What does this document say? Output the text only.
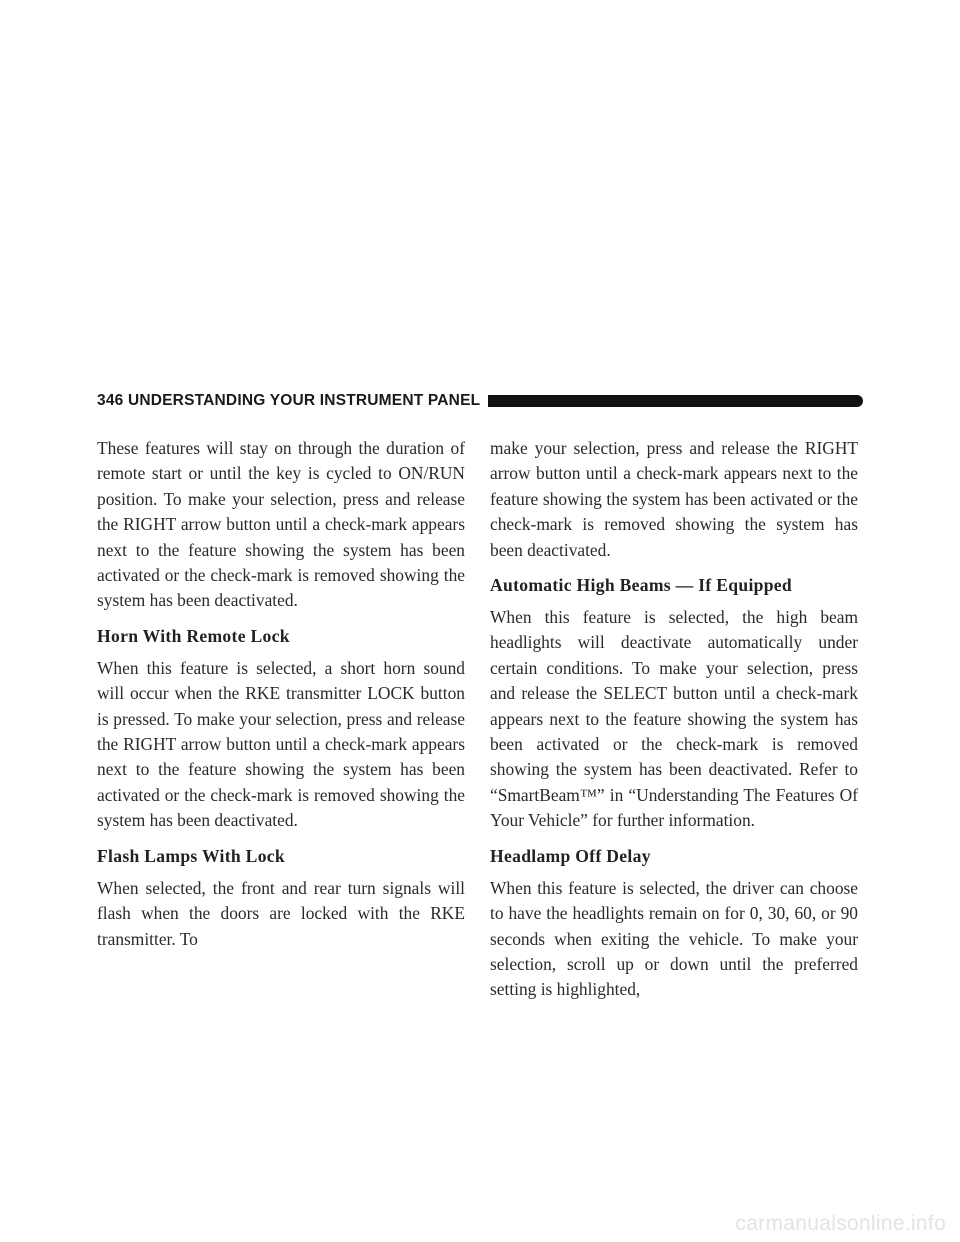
346 UNDERSTANDING YOUR INSTRUMENT PANEL

These features will stay on through the duration of remote start or until the key is cycled to ON/RUN position. To make your selection, press and release the RIGHT arrow button until a check-mark appears next to the feature showing the system has been activated or the check-mark is removed showing the system has been deactivated.

Horn With Remote Lock

When this feature is selected, a short horn sound will occur when the RKE transmitter LOCK button is pressed. To make your selection, press and release the RIGHT arrow button until a check-mark appears next to the feature showing the system has been activated or the check-mark is removed showing the system has been deactivated.

Flash Lamps With Lock

When selected, the front and rear turn signals will flash when the doors are locked with the RKE transmitter. To

make your selection, press and release the RIGHT arrow button until a check-mark appears next to the feature showing the system has been activated or the check-mark is removed showing the system has been deactivated.

Automatic High Beams — If Equipped

When this feature is selected, the high beam headlights will deactivate automatically under certain conditions. To make your selection, press and release the SELECT button until a check-mark appears next to the feature showing the system has been activated or the check-mark is removed showing the system has been deactivated. Refer to “SmartBeam™” in “Understanding The Features Of Your Vehicle” for further information.

Headlamp Off Delay

When this feature is selected, the driver can choose to have the headlights remain on for 0, 30, 60, or 90 seconds when exiting the vehicle. To make your selection, scroll up or down until the preferred setting is highlighted,

carmanualsonline.info
